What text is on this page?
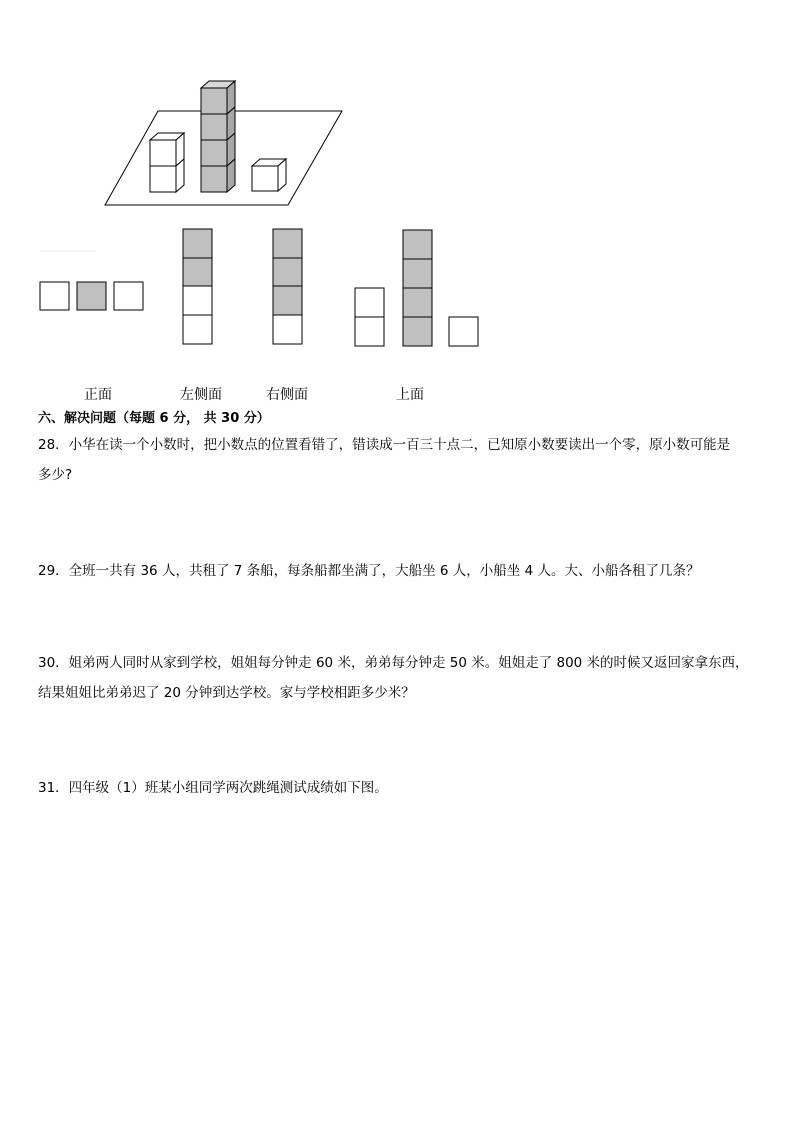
正面	左侧面	右侧面	上面
六、解决问题（每题 6 分， 共 30 分）
28．小华在读一个小数时，把小数点的位置看错了，错读成一百三十点二，已知原小数要读出一个零，原小数可能是
多少?
29．全班一共有 36 人，共租了 7 条船，每条船都坐满了，大船坐 6 人，小船坐 4 人。大、小船各租了几条？
30．姐弟两人同时从家到学校，姐姐每分钟走 60 米，弟弟每分钟走 50 米。姐姐走了 800 米的时候又返回家拿东西，
结果姐姐比弟弟迟了 20 分钟到达学校。家与学校相距多少米？
31．四年级（1）班某小组同学两次跳绳测试成绩如下图。
